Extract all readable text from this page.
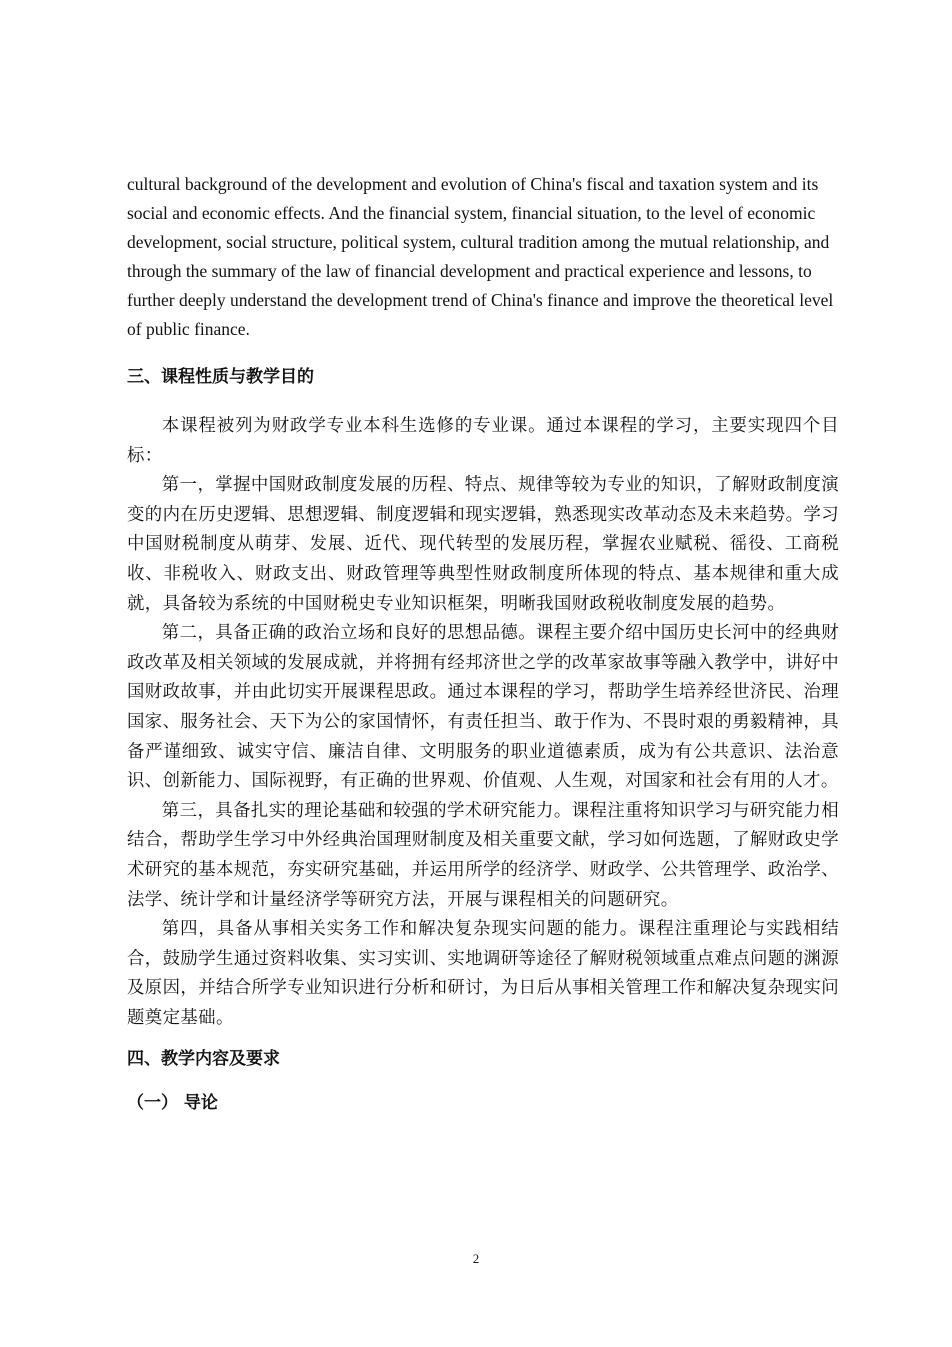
cultural background of the development and evolution of China's fiscal and taxation system and its social and economic effects. And the financial system, financial situation, to the level of economic development, social structure, political system, cultural tradition among the mutual relationship, and through the summary of the law of financial development and practical experience and lessons, to further deeply understand the development trend of China's finance and improve the theoretical level of public finance.

三、课程性质与教学目的

本课程被列为财政学专业本科生选修的专业课。通过本课程的学习，主要实现四个目标：

第一，掌握中国财政制度发展的历程、特点、规律等较为专业的知识，了解财政制度演变的内在历史逻辑、思想逻辑、制度逻辑和现实逻辑，熟悉现实改革动态及未来趋势。学习中国财税制度从萌芽、发展、近代、现代转型的发展历程，掌握农业赋税、徭役、工商税收、非税收入、财政支出、财政管理等典型性财政制度所体现的特点、基本规律和重大成就，具备较为系统的中国财税史专业知识框架，明晰我国财政税收制度发展的趋势。

第二，具备正确的政治立场和良好的思想品德。课程主要介绍中国历史长河中的经典财政改革及相关领域的发展成就，并将拥有经邦济世之学的改革家故事等融入教学中，讲好中国财政故事，并由此切实开展课程思政。通过本课程的学习，帮助学生培养经世济民、治理国家、服务社会、天下为公的家国情怀，有责任担当、敢于作为、不畏时艰的勇毅精神，具备严谨细致、诚实守信、廉洁自律、文明服务的职业道德素质，成为有公共意识、法治意识、创新能力、国际视野，有正确的世界观、价值观、人生观，对国家和社会有用的人才。

第三，具备扎实的理论基础和较强的学术研究能力。课程注重将知识学习与研究能力相结合，帮助学生学习中外经典治国理财制度及相关重要文献，学习如何选题，了解财政史学术研究的基本规范，夯实研究基础，并运用所学的经济学、财政学、公共管理学、政治学、法学、统计学和计量经济学等研究方法，开展与课程相关的问题研究。

第四，具备从事相关实务工作和解决复杂现实问题的能力。课程注重理论与实践相结合，鼓励学生通过资料收集、实习实训、实地调研等途径了解财税领域重点难点问题的渊源及原因，并结合所学专业知识进行分析和研讨，为日后从事相关管理工作和解决复杂现实问题奠定基础。

四、教学内容及要求
（一） 导论
2
